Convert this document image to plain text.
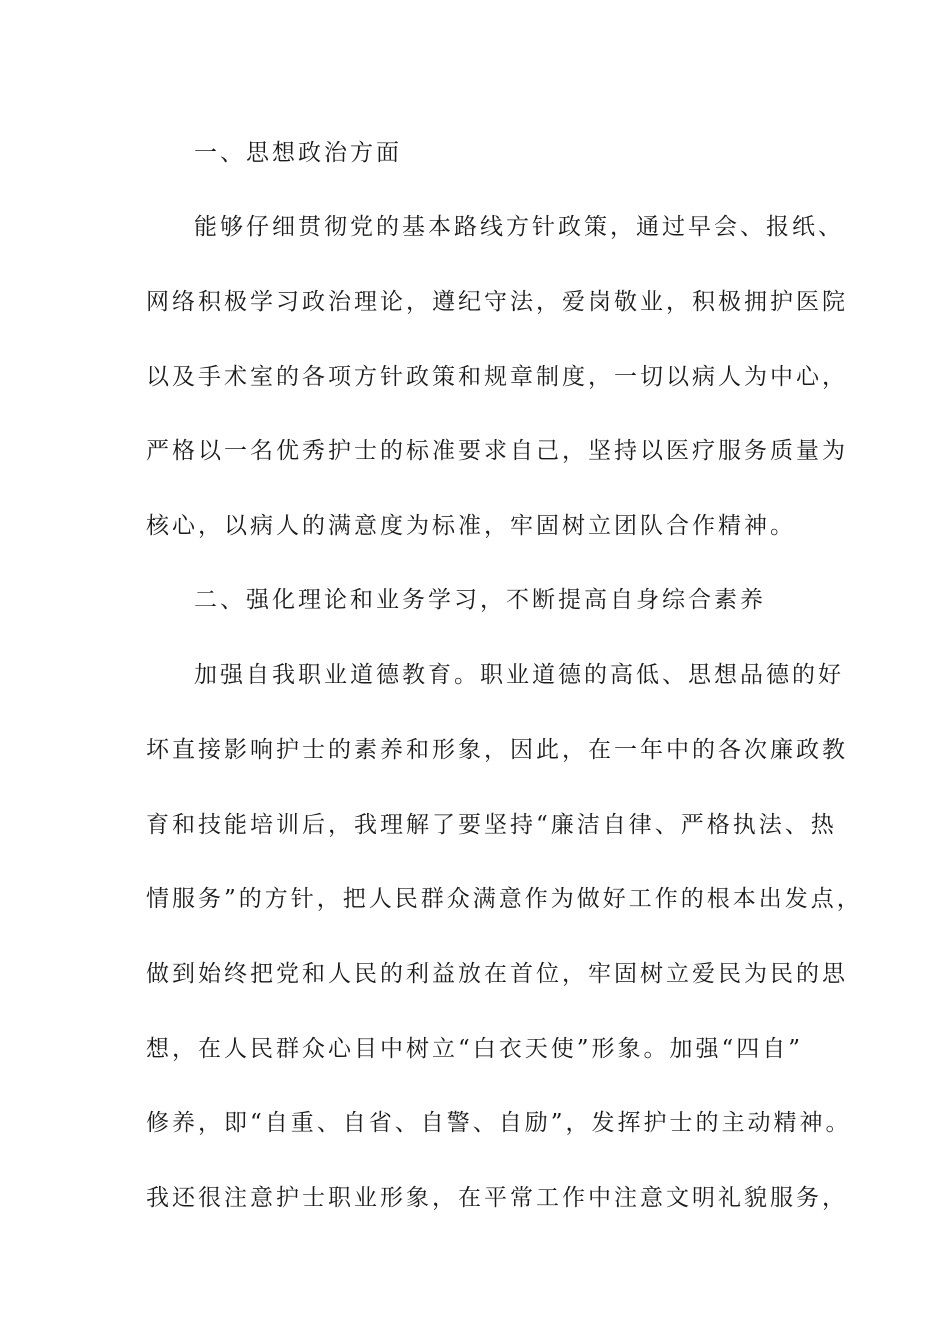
一、思想政治方面

能够仔细贯彻党的基本路线方针政策，通过早会、报纸、

网络积极学习政治理论，遵纪守法，爱岗敬业，积极拥护医院

以及手术室的各项方针政策和规章制度，一切以病人为中心，

严格以一名优秀护士的标准要求自己，坚持以医疗服务质量为

核心，以病人的满意度为标准，牢固树立团队合作精神。

二、强化理论和业务学习，不断提高自身综合素养

加强自我职业道德教育。职业道德的高低、思想品德的好

坏直接影响护士的素养和形象，因此，在一年中的各次廉政教

育和技能培训后，我理解了要坚持“廉洁自律、严格执法、热

情服务”的方针，把人民群众满意作为做好工作的根本出发点，

做到始终把党和人民的利益放在首位，牢固树立爱民为民的思

想，在人民群众心目中树立“白衣天使”形象。加强“四自”

修养，即“自重、自省、自警、自励”，发挥护士的主动精神。

我还很注意护士职业形象，在平常工作中注意文明礼貌服务，
